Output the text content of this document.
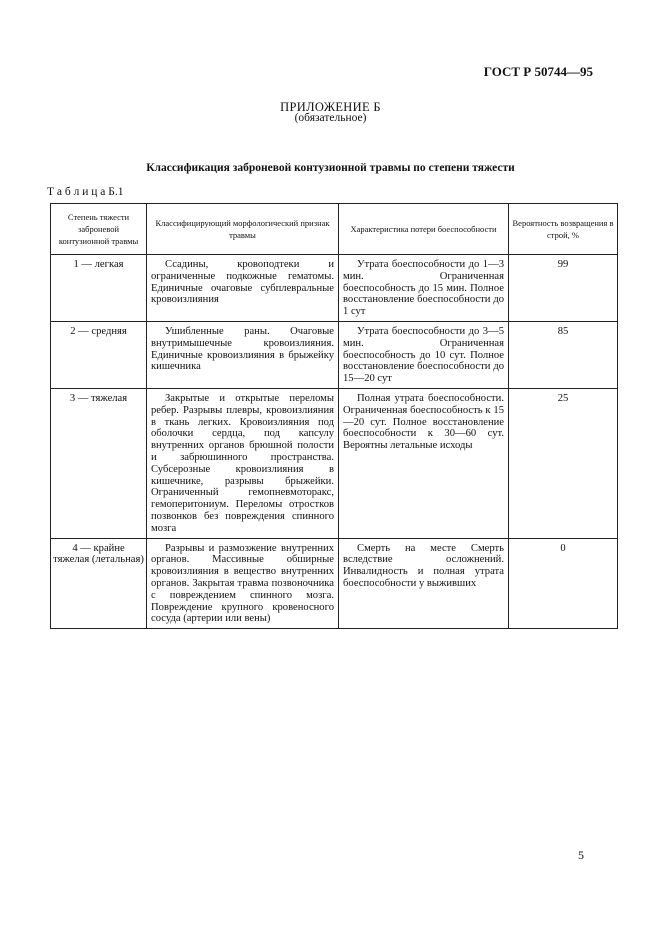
ГОСТ Р 50744—95
ПРИЛОЖЕНИЕ Б
(обязательное)
Классификация заброневой контузионной травмы по степени тяжести
Т а б л и ц а Б.1
Степень тяжести заброневой контузионной травмы	Классифицирующий морфологический признак травмы	Характеристика потери боеспособности	Вероятность возвращения в строй, %
1 — легкая	Ссадины, кровоподтеки и ограниченные подкожные гематомы. Единичные очаговые субплевральные кровоизлияния	Утрата боеспособности до 1—3 мин. Ограниченная боеспособность до 15 мин. Полное восстановление боеспособности до 1 сут	99
2 — средняя	Ушибленные раны. Очаговые внутримышечные кровоизлияния. Единичные кровоизлияния в брыжейку кишечника	Утрата боеспособности до 3—5 мин. Ограниченная боеспособность до 10 сут. Полное восстановление боеспособности до 15—20 сут	85
3 — тяжелая	Закрытые и открытые переломы ребер. Разрывы плевры, кровоизлияния в ткань легких. Кровоизлияния под оболочки сердца, под капсулу внутренних органов брюшной полости и забрюшинного пространства. Субсерозные кровоизлияния в кишечнике, разрывы брыжейки. Ограниченный гемопневмоторакс, гемоперитониум. Переломы отростков позвонков без повреждения спинного мозга	Полная утрата боеспособности. Ограниченная боеспособность к 15—20 сут. Полное восстановление боеспособности к 30—60 сут. Вероятны летальные исходы	25
4 — крайне тяжелая (летальная)	Разрывы и размозжение внутренних органов. Массивные обширные кровоизлияния в вещество внутренних органов. Закрытая травма позвоночника с повреждением спинного мозга. Повреждение крупного кровеносного сосуда (артерии или вены)	Смерть на месте Смерть вследствие осложнений. Инвалидность и полная утрата боеспособности у выживших	0
5
